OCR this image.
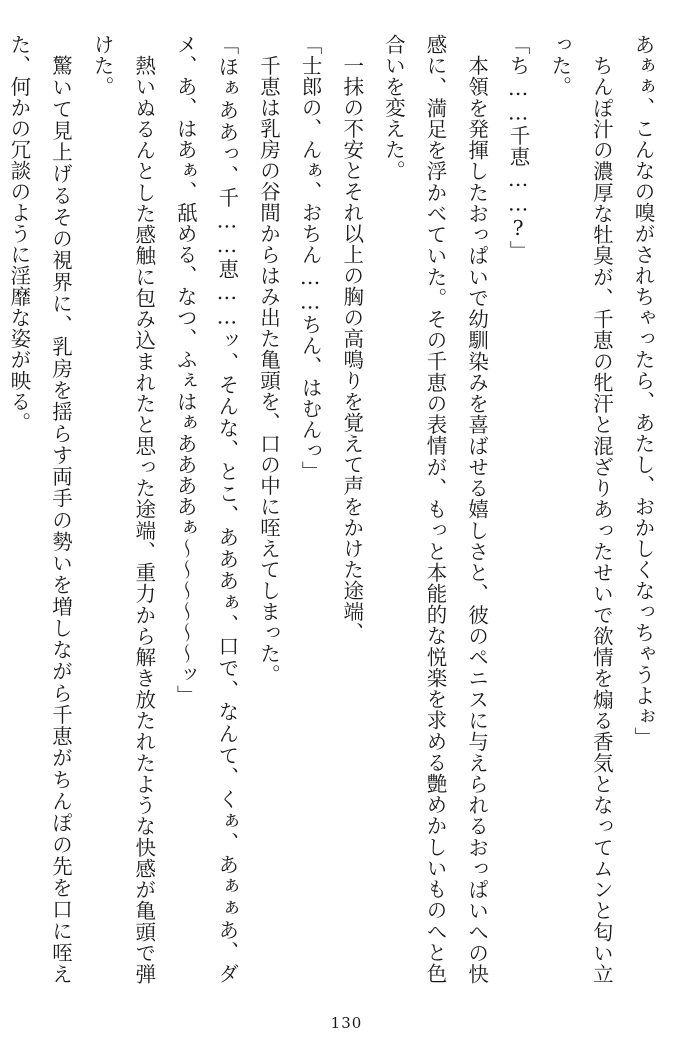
あぁぁ、こんなの嗅がされちゃったら、あたし、おかしくなっちゃうよぉ」

ちんぽ汁の濃厚な牡臭が、千恵の牝汗と混ざりあったせいで欲情を煽る香気となってムンと匂い立った。

「ち……千恵……?」

本領を発揮したおっぱいで幼馴染みを喜ばせる嬉しさと、彼のペニスに与えられるおっぱいへの快感に、満足を浮かべていた。その千恵の表情が、もっと本能的な悦楽を求める艶めかしいものへと色合いを変えた。

一抹の不安とそれ以上の胸の高鳴りを覚えて声をかけた途端、

「士郎の、んぁ、おちん……ちん、はむんっ」

千恵は乳房の谷間からはみ出た亀頭を、口の中に咥えてしまった。

「ほぁああっ、千……恵……ッ、そんな、とこ、あああぁ、口で、なんて、くぁ、あぁぁあ、ダメ、あ、はあぁ、舐める、なつ、ふぇはぁああああぁ～～～～～～ッ」

熱いぬるんとした感触に包み込まれたと思った途端、重力から解き放たれたような快感が亀頭で弾けた。

驚いて見上げるその視界に、乳房を揺らす両手の勢いを増しながら千恵がちんぽの先を口に咥えた、何かの冗談のように淫靡な姿が映る。

130
